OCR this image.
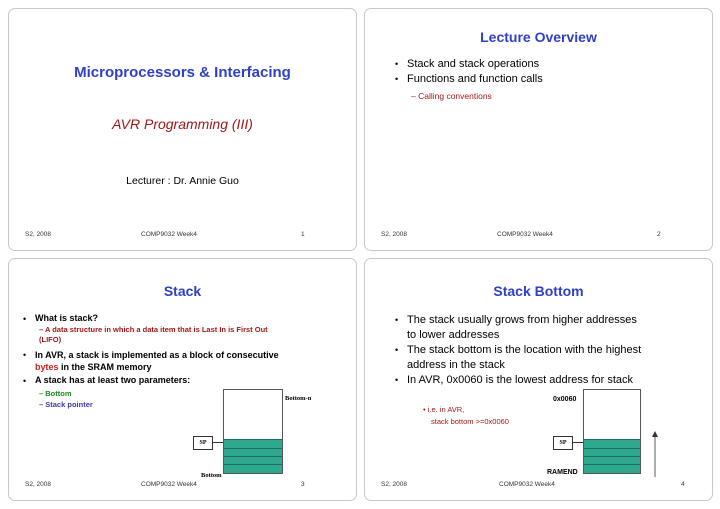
Microprocessors & Interfacing
AVR Programming (III)
Lecturer : Dr. Annie Guo
S2, 2008	COMP9032 Week4	1
Lecture Overview
• Stack and stack operations
• Functions and function calls
– Calling conventions
S2, 2008	COMP9032 Week4	2
Stack
• What is stack?
– A data structure in which a data item that is Last In is First Out (LIFO)
• In AVR, a stack is implemented as a block of consecutive bytes in the SRAM memory
• A stack has at least two parameters:
– Bottom
– Stack pointer
Bottom-n
SP
Bottom
S2, 2008	COMP9032 Week4	3
Stack Bottom
• The stack usually grows from higher addresses to lower addresses
• The stack bottom is the location with the highest address in the stack
• In AVR, 0x0060 is the lowest address for stack
• i.e. in AVR,
stack bottom >=0x0060
0x0060
SP
RAMEND
S2, 2008	COMP9032 Week4	4
